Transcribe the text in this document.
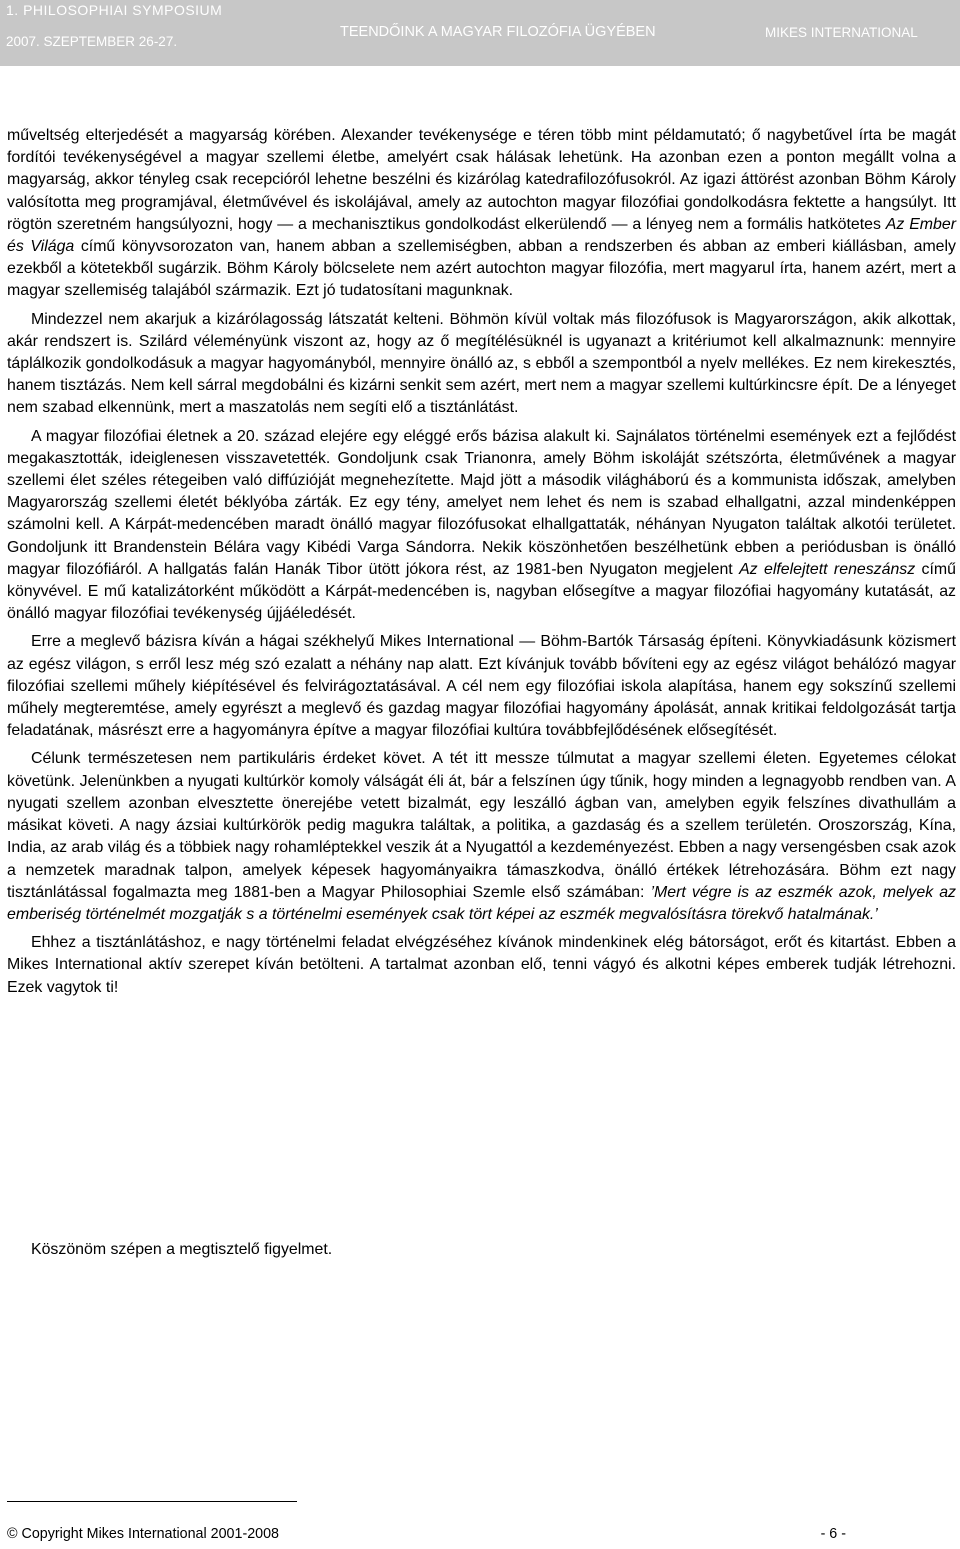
1. PHILOSOPHIAI SYMPOSIUM
2007. SZEPTEMBER 26-27.
TEENDŐINK A MAGYAR FILOZÓFIA ÜGYÉBEN	MIKES INTERNATIONAL

műveltség elterjedését a magyarság körében. Alexander tevékenysége e téren több mint példamutató; ő nagybetűvel írta be magát fordítói tevékenységével a magyar szellemi életbe, amelyért csak hálásak lehetünk. Ha azonban ezen a ponton megállt volna a magyarság, akkor tényleg csak recepcióról lehetne beszélni és kizárólag katedrafilozófusokról. Az igazi áttörést azonban Böhm Károly valósította meg programjával, életművével és iskolájával, amely az autochton magyar filozófiai gondolkodásra fektette a hangsúlyt. Itt rögtön szeretném hangsúlyozni, hogy — a mechanisztikus gondolkodást elkerülendő — a lényeg nem a formális hatkötetes Az Ember és Világa című könyvsorozaton van, hanem abban a szellemiségben, abban a rendszerben és abban az emberi kiállásban, amely ezekből a kötetekből sugárzik. Böhm Károly bölcselete nem azért autochton magyar filozófia, mert magyarul írta, hanem azért, mert a magyar szellemiség talajából származik. Ezt jó tudatosítani magunknak.

Mindezzel nem akarjuk a kizárólagosság látszatát kelteni. Böhmön kívül voltak más filozófusok is Magyarországon, akik alkottak, akár rendszert is. Szilárd véleményünk viszont az, hogy az ő megítélésüknél is ugyanazt a kritériumot kell alkalmaznunk: mennyire táplálkozik gondolkodásuk a magyar hagyományból, mennyire önálló az, s ebből a szempontból a nyelv mellékes. Ez nem kirekesztés, hanem tisztázás. Nem kell sárral megdobálni és kizárni senkit sem azért, mert nem a magyar szellemi kultúrkincsre épít. De a lényeget nem szabad elkennünk, mert a maszatolás nem segíti elő a tisztánlátást.

A magyar filozófiai életnek a 20. század elejére egy eléggé erős bázisa alakult ki. Sajnálatos történelmi események ezt a fejlődést megakasztották, ideiglenesen visszavetették. Gondoljunk csak Trianonra, amely Böhm iskoláját szétszórta, életművének a magyar szellemi élet széles rétegeiben való diffúzióját megnehezítette. Majd jött a második világháború és a kommunista időszak, amelyben Magyarország szellemi életét béklyóba zárták. Ez egy tény, amelyet nem lehet és nem is szabad elhallgatni, azzal mindenképpen számolni kell. A Kárpát-medencében maradt önálló magyar filozófusokat elhallgattaták, néhányan Nyugaton találtak alkotói területet. Gondoljunk itt Brandenstein Bélára vagy Kibédi Varga Sándorra. Nekik köszönhetően beszélhetünk ebben a periódusban is önálló magyar filozófiáról. A hallgatás falán Hanák Tibor ütött jókora rést, az 1981-ben Nyugaton megjelent Az elfelejtett reneszánsz című könyvével. E mű katalizátorként működött a Kárpát-medencében is, nagyban elősegítve a magyar filozófiai hagyomány kutatását, az önálló magyar filozófiai tevékenység újjáéledését.

Erre a meglevő bázisra kíván a hágai székhelyű Mikes International — Böhm-Bartók Társaság építeni. Könyvkiadásunk közismert az egész világon, s erről lesz még szó ezalatt a néhány nap alatt. Ezt kívánjuk tovább bővíteni egy az egész világot behálózó magyar filozófiai szellemi műhely kiépítésével és felvirágoztatásával. A cél nem egy filozófiai iskola alapítása, hanem egy sokszínű szellemi műhely megteremtése, amely egyrészt a meglevő és gazdag magyar filozófiai hagyomány ápolását, annak kritikai feldolgozását tartja feladatának, másrészt erre a hagyományra építve a magyar filozófiai kultúra továbbfejlődésének elősegítését.

Célunk természetesen nem partikuláris érdeket követ. A tét itt messze túlmutat a magyar szellemi életen. Egyetemes célokat követünk. Jelenünkben a nyugati kultúrkör komoly válságát éli át, bár a felszínen úgy tűnik, hogy minden a legnagyobb rendben van. A nyugati szellem azonban elvesztette önerejébe vetett bizalmát, egy leszálló ágban van, amelyben egyik felszínes divathullám a másikat követi. A nagy ázsiai kultúrkörök pedig magukra találtak, a politika, a gazdaság és a szellem területén. Oroszország, Kína, India, az arab világ és a többiek nagy rohamléptekkel veszik át a Nyugattól a kezdeményezést. Ebben a nagy versengésben csak azok a nemzetek maradnak talpon, amelyek képesek hagyományaikra támaszkodva, önálló értékek létrehozására. Böhm ezt nagy tisztánlátással fogalmazta meg 1881-ben a Magyar Philosophiai Szemle első számában: ’Mert végre is az eszmék azok, melyek az emberiség történelmét mozgatják s a történelmi események csak tört képei az eszmék megvalósításra törekvő hatalmának.’

Ehhez a tisztánlátáshoz, e nagy történelmi feladat elvégzéséhez kívánok mindenkinek elég bátorságot, erőt és kitartást. Ebben a Mikes International aktív szerepet kíván betölteni. A tartalmat azonban elő, tenni vágyó és alkotni képes emberek tudják létrehozni. Ezek vagytok ti!

Köszönöm szépen a megtisztelő figyelmet.
© Copyright Mikes International 2001-2008	- 6 -
